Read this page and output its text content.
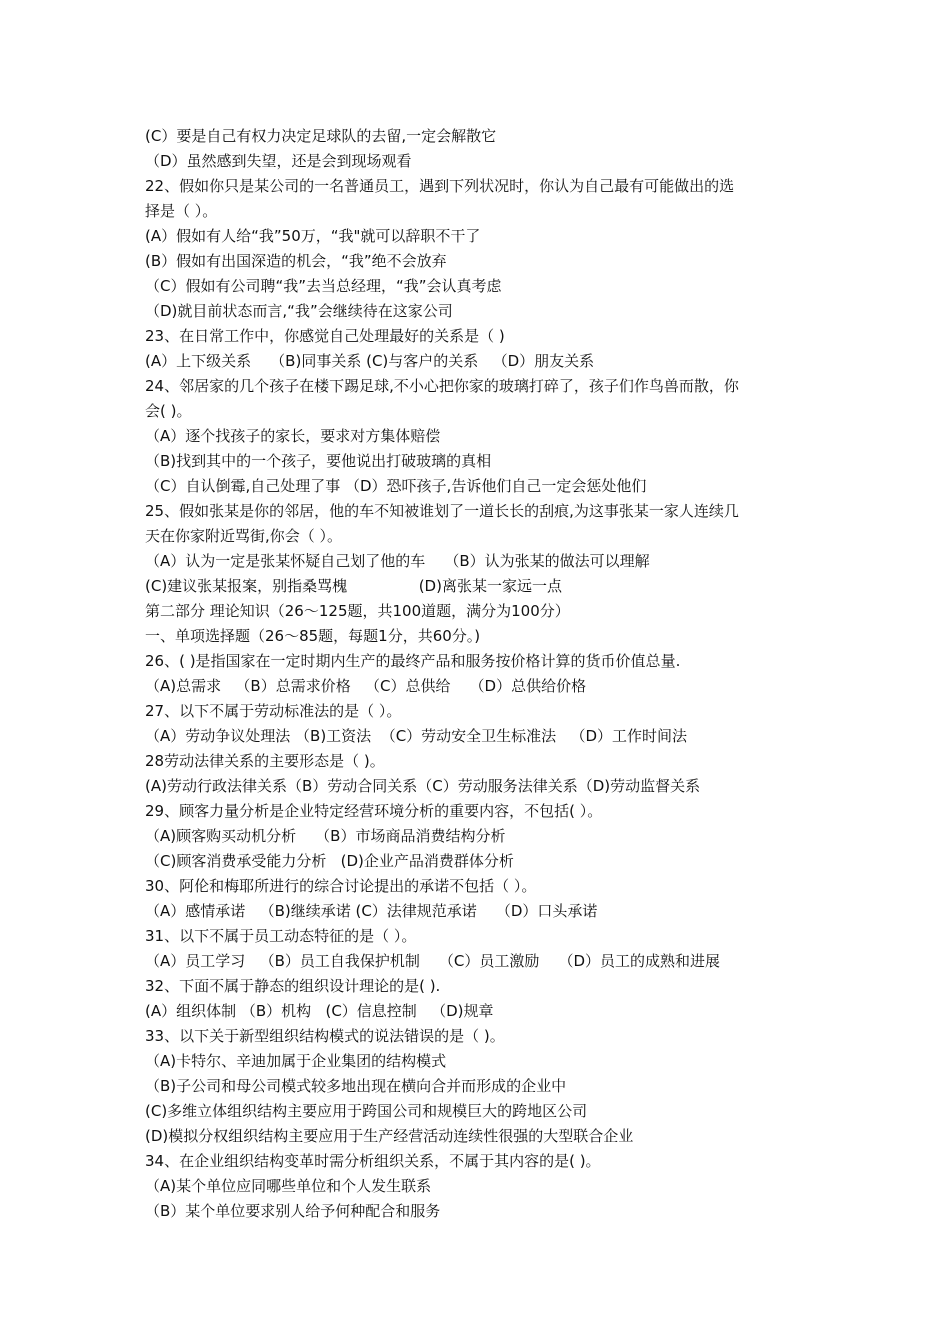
(C）要是自己有权力决定足球队的去留,一定会解散它
（D）虽然感到失望，还是会到现场观看
22、假如你只是某公司的一名普通员工，遇到下列状况时，你认为自己最有可能做出的选
择是（ ）。
(A）假如有人给“我”50万，“我"就可以辞职不干了
(B）假如有出国深造的机会，“我”绝不会放弃
（C）假如有公司聘“我”去当总经理，“我”会认真考虑
（D)就目前状态而言,“我”会继续待在这家公司
23、在日常工作中，你感觉自己处理最好的关系是（ )
(A）上下级关系    （B)同事关系 (C)与客户的关系   （D）朋友关系
24、邻居家的几个孩子在楼下踢足球,不小心把你家的玻璃打碎了，孩子们作鸟兽而散，你
会( )。
（A）逐个找孩子的家长，要求对方集体赔偿
（B)找到其中的一个孩子，要他说出打破玻璃的真相
（C）自认倒霉,自己处理了事 （D）恐吓孩子,告诉他们自己一定会惩处他们
25、假如张某是你的邻居，他的车不知被谁划了一道长长的刮痕,为这事张某一家人连续几
天在你家附近骂街,你会（ ）。
（A）认为一定是张某怀疑自己划了他的车    （B）认为张某的做法可以理解
(C)建议张某报案，别指桑骂槐               (D)离张某一家远一点
第二部分 理论知识（26～125题，共100道题，满分为100分）
一、单项选择题（26～85题，每题1分，共60分。)
26、( )是指国家在一定时期内生产的最终产品和服务按价格计算的货币价值总量.
（A)总需求   （B）总需求价格   （C）总供给    （D）总供给价格
27、以下不属于劳动标准法的是（ ）。
（A）劳动争议处理法 （B)工资法  （C）劳动安全卫生标准法   （D）工作时间法
28劳动法律关系的主要形态是（ )。
(A)劳动行政法律关系（B）劳动合同关系（C）劳动服务法律关系（D)劳动监督关系
29、顾客力量分析是企业特定经营环境分析的重要内容，不包括( ）。
（A)顾客购买动机分析    （B）市场商品消费结构分析
（C)顾客消费承受能力分析   (D)企业产品消费群体分析
30、阿伦和梅耶所进行的综合讨论提出的承诺不包括（ ）。
（A）感情承诺   （B)继续承诺 (C）法律规范承诺    （D）口头承诺
31、以下不属于员工动态特征的是（ ）。
（A）员工学习   （B）员工自我保护机制    （C）员工激励    （D）员工的成熟和进展
32、下面不属于静态的组织设计理论的是( ).
(A）组织体制 （B）机构   (C）信息控制   （D)规章
33、以下关于新型组织结构模式的说法错误的是（ )。
（A)卡特尔、辛迪加属于企业集团的结构模式
（B)子公司和母公司模式较多地出现在横向合并而形成的企业中
(C)多维立体组织结构主要应用于跨国公司和规模巨大的跨地区公司
(D)模拟分权组织结构主要应用于生产经营活动连续性很强的大型联合企业
34、在企业组织结构变革时需分析组织关系，不属于其内容的是( )。
（A)某个单位应同哪些单位和个人发生联系
（B）某个单位要求别人给予何种配合和服务
